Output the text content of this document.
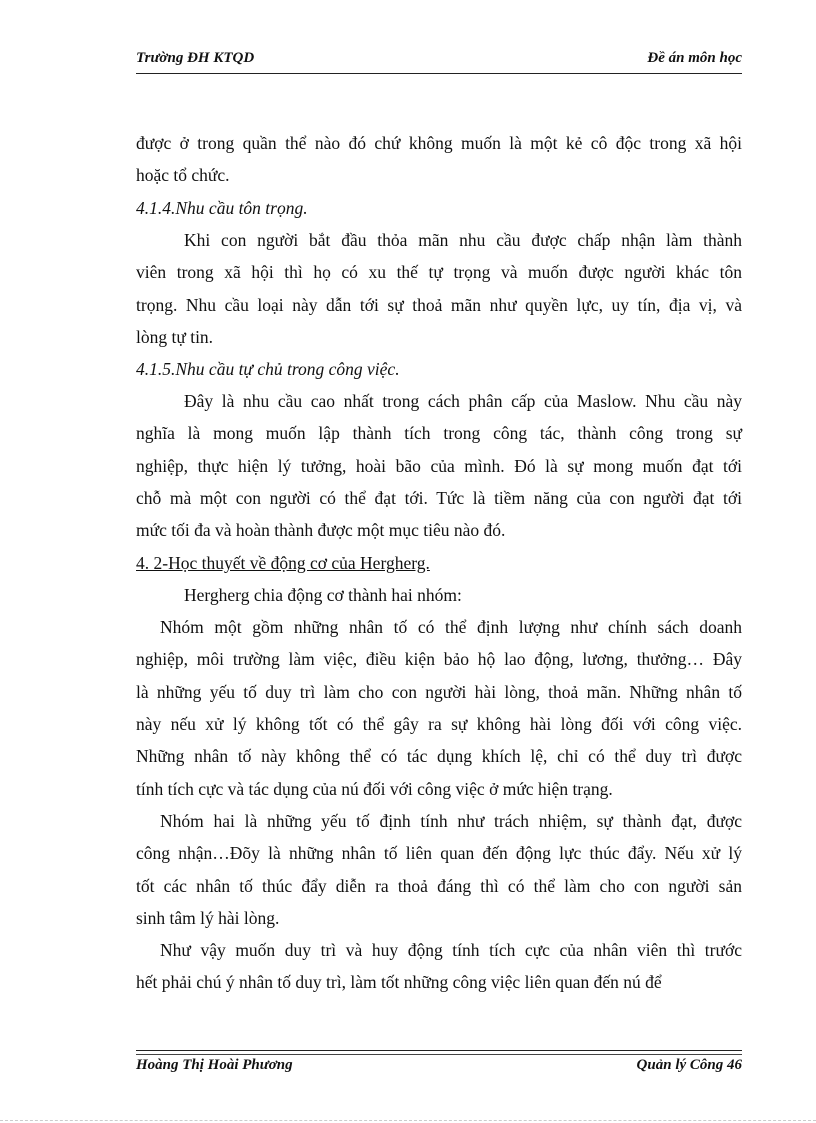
Trường ĐH KTQD	Đề án môn học
được ở trong quần thể nào đó chứ không muốn là một kẻ cô độc trong xã hội
hoặc tổ chức.
4.1.4.Nhu cầu tôn trọng.
Khi con người bắt đầu thỏa mãn nhu cầu được chấp nhận làm thành
viên trong xã hội thì họ có xu thế tự trọng và muốn được người khác tôn
trọng. Nhu cầu loại này dẫn tới sự thoả mãn như quyền lực, uy tín, địa vị, và
lòng tự tin.
4.1.5.Nhu cầu tự chủ trong công việc.
Đây là nhu cầu cao nhất trong cách phân cấp của Maslow. Nhu cầu này
nghĩa là mong muốn lập thành tích trong công tác, thành công trong sự
nghiệp, thực hiện lý tưởng, hoài bão của mình. Đó là sự mong muốn đạt tới
chỗ mà một con người có thể đạt tới. Tức là tiềm năng của con người đạt tới
mức tối đa và hoàn thành được một mục tiêu nào đó.
4. 2-Học thuyết về động cơ của Hergherg.
Hergherg chia động cơ thành hai nhóm:
Nhóm một gồm những nhân tố có thể định lượng như chính sách doanh
nghiệp, môi trường làm việc, điều kiện bảo hộ lao động, lương, thưởng… Đây
là những yếu tố duy trì làm cho con người hài lòng, thoả mãn. Những nhân tố
này nếu xử lý không tốt có thể gây ra sự không hài lòng đối với công việc.
Những nhân tố này không thể có tác dụng khích lệ, chỉ có thể duy trì được
tính tích cực và tác dụng của nú đối với công việc ở mức hiện trạng.
Nhóm hai là những yếu tố định tính như trách nhiệm, sự thành đạt, được
công nhận…Đõy là những nhân tố liên quan đến động lực thúc đẩy. Nếu xử lý
tốt các nhân tố thúc đẩy diễn ra thoả đáng thì có thể làm cho con người sản
sinh tâm lý hài lòng.
Như vậy muốn duy trì và huy động tính tích cực của nhân viên thì trước
hết phải chú ý nhân tố duy trì, làm tốt những công việc liên quan đến nú để
Hoàng Thị Hoài Phương	Quản lý Công 46
